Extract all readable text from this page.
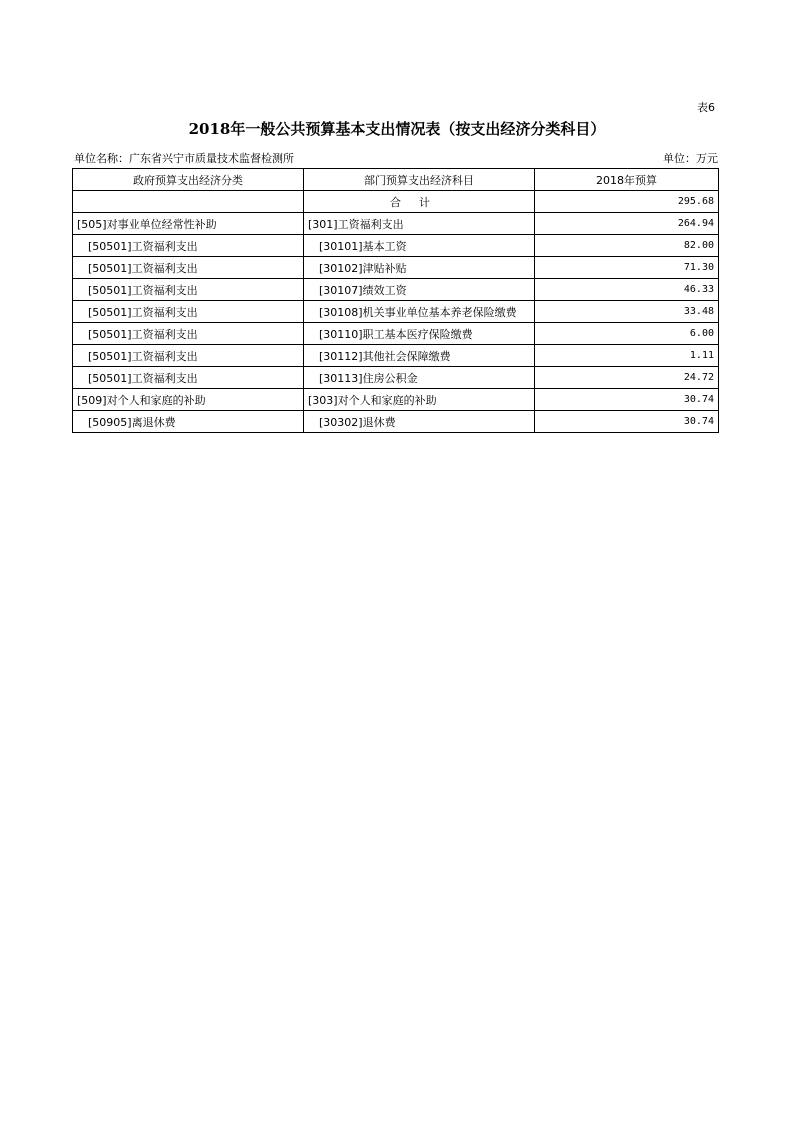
表6
2018年一般公共预算基本支出情况表（按支出经济分类科目）
单位名称：广东省兴宁市质量技术监督检测所	单位：万元
政府预算支出经济分类	部门预算支出经济科目	2018年预算
	合计	295.68
[505]对事业单位经常性补助	[301]工资福利支出	264.94
[50501]工资福利支出	[30101]基本工资	82.00
[50501]工资福利支出	[30102]津贴补贴	71.30
[50501]工资福利支出	[30107]绩效工资	46.33
[50501]工资福利支出	[30108]机关事业单位基本养老保险缴费	33.48
[50501]工资福利支出	[30110]职工基本医疗保险缴费	6.00
[50501]工资福利支出	[30112]其他社会保障缴费	1.11
[50501]工资福利支出	[30113]住房公积金	24.72
[509]对个人和家庭的补助	[303]对个人和家庭的补助	30.74
[50905]离退休费	[30302]退休费	30.74
